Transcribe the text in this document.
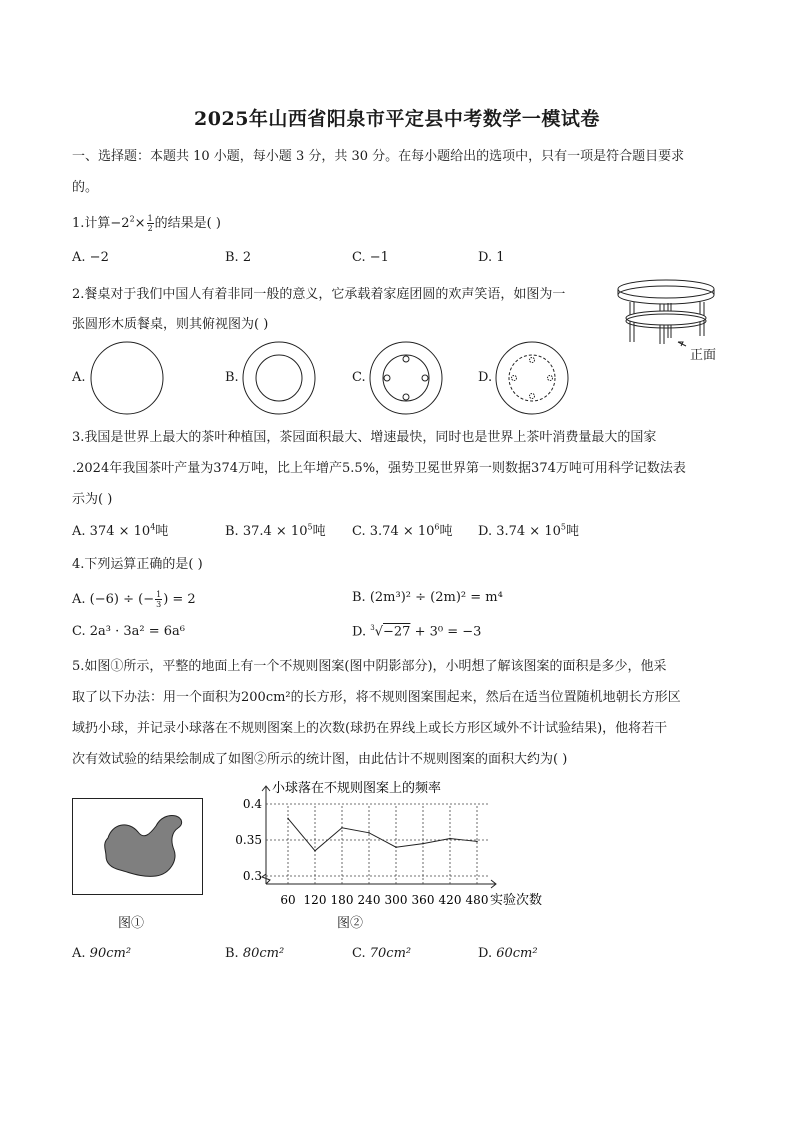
2025年山西省阳泉市平定县中考数学一模试卷
一、选择题：本题共 10 小题，每小题 3 分，共 30 分。在每小题给出的选项中，只有一项是符合题目要求
的。
1.计算$-2^2\times \frac{1}{2}$ 的结果是( )
A. −2	B. 2	C. −1	D. 1
2.餐桌对于我们中国人有着非同一般的意义，它承载着家庭团圆的欢声笑语，如图为一
张圆形木质餐桌，则其俯视图为( )
正面
A.	B.	C.	D.
3.我国是世界上最大的茶叶种植国，茶园面积最大、增速最快，同时也是世界上茶叶消费量最大的国家
.2024年我国茶叶产量为374万吨，比上年增产5.5%，强势卫冕世界第一则数据374万吨可用科学记数法表
示为( )
A. $374 \times 10^4$吨	B. $37.4 \times 10^5$吨 C. $3.74 \times 10^6$吨 D. $3.74 \times 10^5$吨
4.下列运算正确的是( )
A. (−6) ÷ (− $\frac{1}{3}$ ) = 2	B. (2m³)² ÷ (2m)² = m⁴
C. 2a³ · 3a² = 6a⁶	D. $^3$√−27 + 3⁰ = −3
5.如图①所示，平整的地面上有一个不规则图案(图中阴影部分)，小明想了解该图案的面积是多少，他采
取了以下办法：用一个面积为200cm²的长方形，将不规则图案围起来，然后在适当位置随机地朝长方形区
域扔小球，并记录小球落在不规则图案上的次数(球扔在界线上或长方形区域外不计试验结果)，他将若干
次有效试验的结果绘制成了如图②所示的统计图，由此估计不规则图案的面积大约为( )
图①
0.3
0.35
0.4
60 120 180 240 300 360 420 480
小球落在不规则图案上的频率
实验次数
图②
A. 90cm²	B. 80cm²	C. 70cm²	D. 60cm²
